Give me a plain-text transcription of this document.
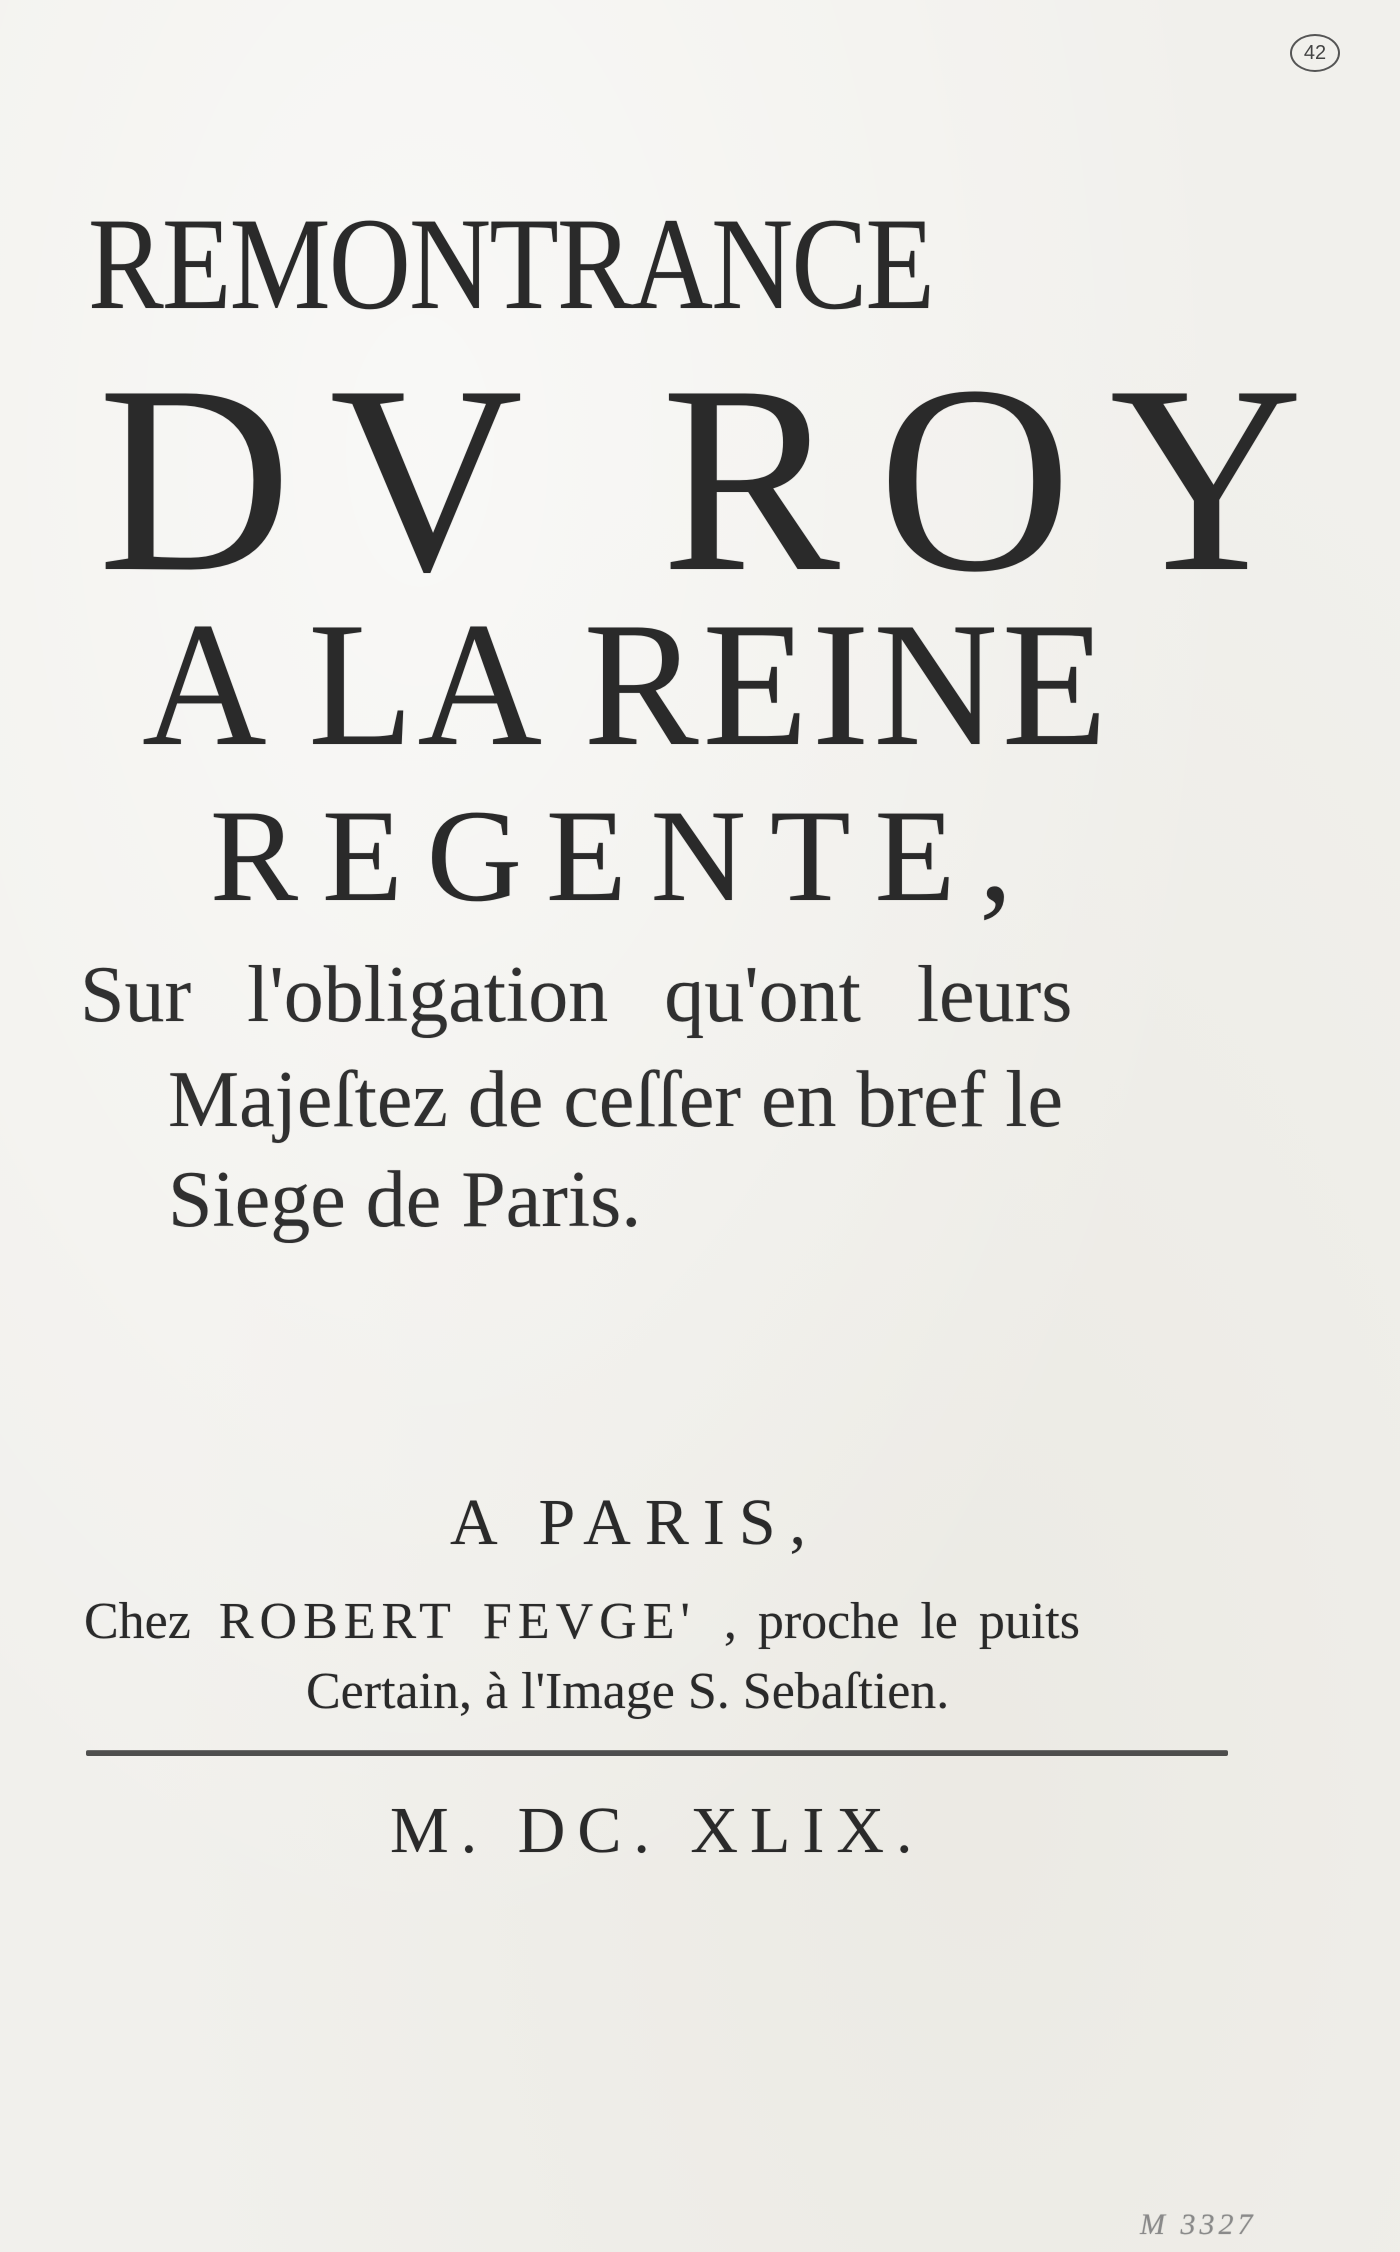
42
REMONTRANCE
DV ROY
A LA REINE
REGENTE,
Sur l'obligation qu'ont leurs
Majeſtez de ceſſer en bref le
Siege de Paris.
A PARIS,
Chez ROBERT FEVGE' , proche le puits
Certain, à l'Image S. Sebaſtien.
M. DC. XLIX.
M 3327
